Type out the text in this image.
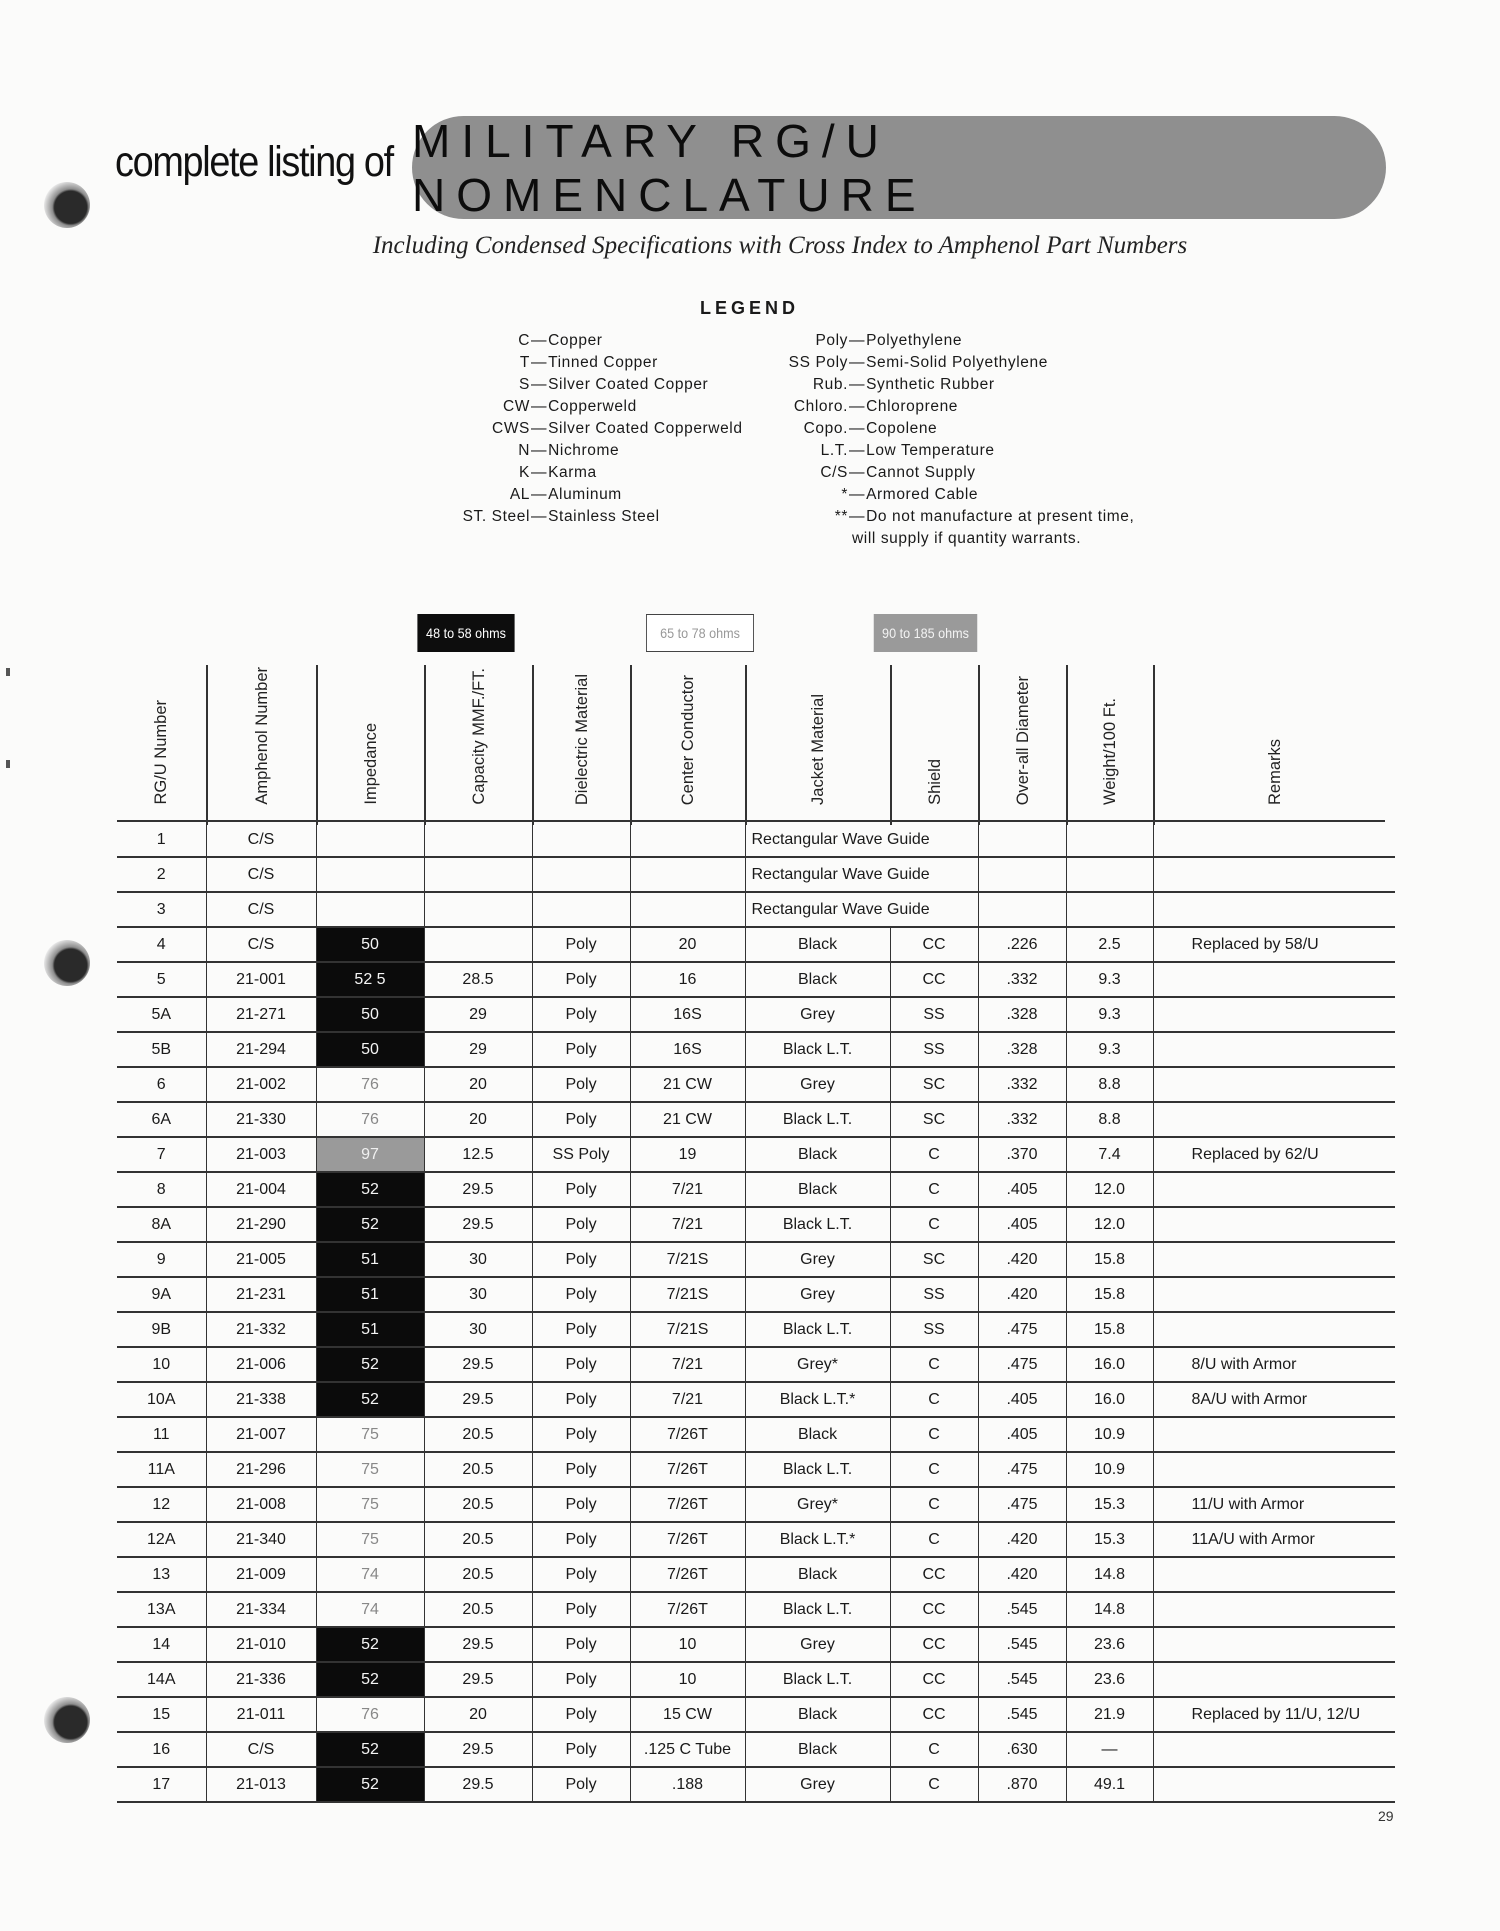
complete listing of MILITARY RG/U NOMENCLATURE
Including Condensed Specifications with Cross Index to Amphenol Part Numbers
LEGEND
C — Copper
T — Tinned Copper
S — Silver Coated Copper
CW — Copperweld
CWS — Silver Coated Copperweld
N — Nichrome
K — Karma
AL — Aluminum
ST. Steel — Stainless Steel
Poly — Polyethylene
SS Poly — Semi-Solid Polyethylene
Rub. — Synthetic Rubber
Chloro. — Chloroprene
Copo. — Copolene
L.T. — Low Temperature
C/S — Cannot Supply
* — Armored Cable
** — Do not manufacture at present time,
will supply if quantity warrants.
48 to 58 ohms	65 to 78 ohms	90 to 185 ohms
RG/U Number	Amphenol Number	Impedance	Capacity MMF./FT.	Dielectric Material	Center Conductor	Jacket Material	Shield	Over-all Diameter	Weight/100 Ft.	Remarks
1	C/S					Rectangular Wave Guide				
2	C/S					Rectangular Wave Guide				
3	C/S					Rectangular Wave Guide				
4	C/S	50		Poly	20	Black	CC	.226	2.5	Replaced by 58/U
5	21-001	52 5	28.5	Poly	16	Black	CC	.332	9.3	
5A	21-271	50	29	Poly	16S	Grey	SS	.328	9.3	
5B	21-294	50	29	Poly	16S	Black L.T.	SS	.328	9.3	
6	21-002	76	20	Poly	21 CW	Grey	SC	.332	8.8	
6A	21-330	76	20	Poly	21 CW	Black L.T.	SC	.332	8.8	
7	21-003	97	12.5	SS Poly	19	Black	C	.370	7.4	Replaced by 62/U
8	21-004	52	29.5	Poly	7/21	Black	C	.405	12.0	
8A	21-290	52	29.5	Poly	7/21	Black L.T.	C	.405	12.0	
9	21-005	51	30	Poly	7/21S	Grey	SC	.420	15.8	
9A	21-231	51	30	Poly	7/21S	Grey	SS	.420	15.8	
9B	21-332	51	30	Poly	7/21S	Black L.T.	SS	.475	15.8	
10	21-006	52	29.5	Poly	7/21	Grey*	C	.475	16.0	8/U with Armor
10A	21-338	52	29.5	Poly	7/21	Black L.T.*	C	.405	16.0	8A/U with Armor
11	21-007	75	20.5	Poly	7/26T	Black	C	.405	10.9	
11A	21-296	75	20.5	Poly	7/26T	Black L.T.	C	.475	10.9	
12	21-008	75	20.5	Poly	7/26T	Grey*	C	.475	15.3	11/U with Armor
12A	21-340	75	20.5	Poly	7/26T	Black L.T.*	C	.420	15.3	11A/U with Armor
13	21-009	74	20.5	Poly	7/26T	Black	CC	.420	14.8	
13A	21-334	74	20.5	Poly	7/26T	Black L.T.	CC	.545	14.8	
14	21-010	52	29.5	Poly	10	Grey	CC	.545	23.6	
14A	21-336	52	29.5	Poly	10	Black L.T.	CC	.545	23.6	
15	21-011	76	20	Poly	15 CW	Black	CC	.545	21.9	Replaced by 11/U, 12/U
16	C/S	52	29.5	Poly	.125 C Tube	Black	C	.630	—	
17	21-013	52	29.5	Poly	.188	Grey	C	.870	49.1	
29
